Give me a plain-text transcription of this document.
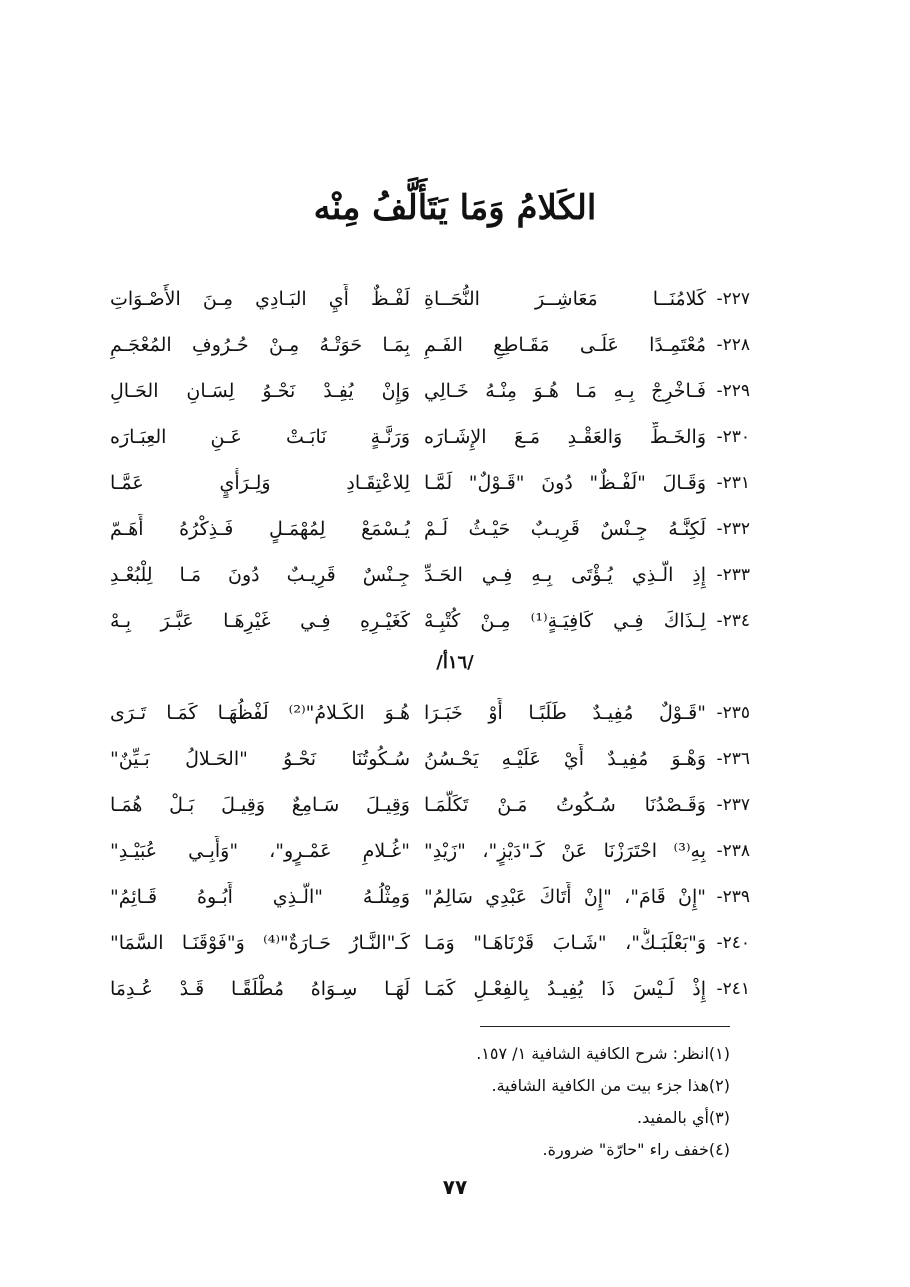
الكَلامُ وَمَا يَتَأَلَّفُ مِنْه
٢٢٧-
كَلامُنَــا مَعَاشِــرَ النُّحَــاةِ
لَفْـظٌ أَيِ البَـادِي مِـنَ الأَصْـوَاتِ
٢٢٨-
مُعْتَمِـدًا عَلَـى مَقَـاطِعِ الفَـمِ
بِمَـا حَوَتْـهُ مِـنْ حُـرُوفِ المُعْجَـمِ
٢٢٩-
فَـاخْرِجْ بِـهِ مَـا هُـوَ مِنْـهُ خَـالِي
وَإِنْ يُفِـدْ نَحْـوُ لِسَـانِ الحَـالِ
٢٣٠-
وَالخَـطِّ وَالعَقْـدِ مَـعَ الإِشَـارَه
وَرَنَّـةٍ نَابَـتْ عَـنِ العِبَـارَه
٢٣١-
وَقَـالَ "لَفْـظٌ" دُونَ "قَـوْلٌ" لَمَّـا
لِلاعْتِقَـادِ وَلِـرَأْيٍ عَمَّـا
٢٣٢-
لَكِنَّـهُ جِـنْسٌ قَرِيـبٌ حَيْـثُ لَـمْ
يُـسْمَعْ لِمُهْمَـلٍ فَـذِكْرُهُ أَهَـمّ
٢٣٣-
إِذِ الَّـذِي يُـؤْتَى بِـهِ فِـي الحَـدِّ
جِـنْسٌ قَرِيـبٌ دُونَ مَـا لِلْبُعْـدِ
٢٣٤-
لِـذَاكَ فِـي كَافِيَـةٍ⁽¹⁾ مِـنْ كُتْبِـهْ
كَغَيْـرِهِ فِـي غَيْرِهَـا عَبَّـرَ بِـهْ
/١٦أ/
٢٣٥-
"قَـوْلٌ مُفِيـدٌ طَلَبًـا أَوْ خَبَـرَا
هُـوَ الكَـلامُ"⁽²⁾ لَفْظُهَـا كَمَـا تَـرَى
٢٣٦-
وَهْـوَ مُفِيـدٌ أَيْ عَلَيْـهِ يَحْـسُنُ
سُـكُوتُنَا نَحْـوُ "الحَـلالُ بَـيِّنٌ"
٢٣٧-
وَقَـصْدُنَا سُـكُوتُ مَـنْ تَكَلَّمَـا
وَقِيـلَ سَـامِعٌ وَقِيـلَ بَـلْ هُمَـا
٢٣٨-
بِهِ⁽³⁾ احْتَرَزْنَا عَنْ كَـ"دَيْزٍ"، "زَيْدِ"
"غُـلامِ عَمْـرٍو"، "وَأَبِـي عُبَيْـدِ"
٢٣٩-
"إِنْ قَامَ"، "إِنْ أَتَاكَ عَبْدِي سَالِمُ"
وَمِثْلُـهُ "الَّـذِي أَبُـوهُ قَـائِمُ"
٢٤٠-
وَ"بَعْلَبَـكُّ"، "شَـابَ قَرْنَاهَـا" وَمَـا
كَـ"النَّـارُ حَـارَةٌ"⁽⁴⁾ وَ"فَوْقَنَـا السَّمَا"
٢٤١-
إِذْ لَـيْسَ ذَا يُفِيـدُ بِالفِعْـلِ كَمَـا
لَهَـا سِـوَاهُ مُطْلَقًـا قَـدْ عُـدِمَا
(١)انظر: شرح الكافية الشافية ١/ ١٥٧.
(٢)هذا جزء بيت من الكافية الشافية.
(٣)أي بالمفيد.
(٤)خفف راء "حارّة" ضرورة.
٧٧
